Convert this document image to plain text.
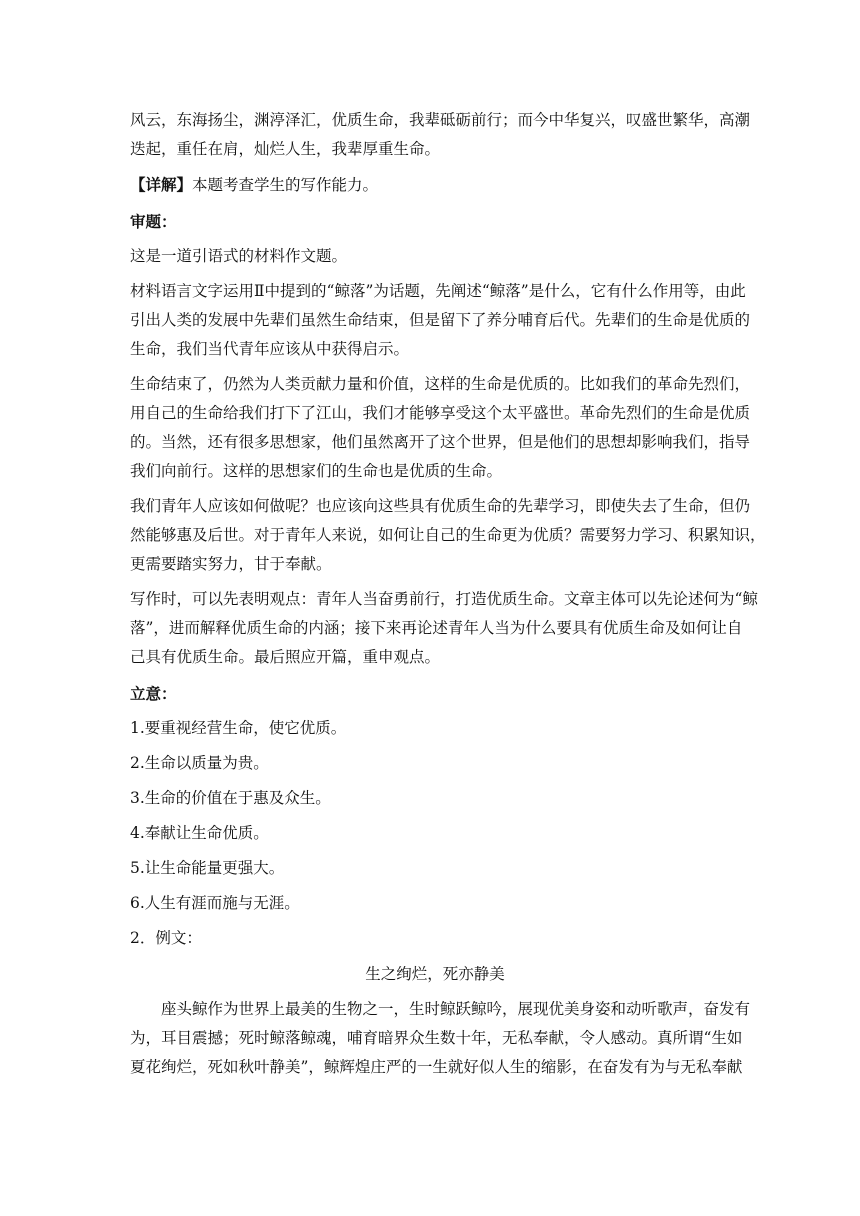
风云，东海扬尘，渊渟泽汇，优质生命，我辈砥砺前行；而今中华复兴，叹盛世繁华，高潮
迭起，重任在肩，灿烂人生，我辈厚重生命。
【详解】本题考查学生的写作能力。
审题：
这是一道引语式的材料作文题。
材料语言文字运用Ⅱ中提到的“鲸落”为话题，先阐述“鲸落”是什么，它有什么作用等，由此
引出人类的发展中先辈们虽然生命结束，但是留下了养分哺育后代。先辈们的生命是优质的
生命，我们当代青年应该从中获得启示。
生命结束了，仍然为人类贡献力量和价值，这样的生命是优质的。比如我们的革命先烈们，
用自己的生命给我们打下了江山，我们才能够享受这个太平盛世。革命先烈们的生命是优质
的。当然，还有很多思想家，他们虽然离开了这个世界，但是他们的思想却影响我们，指导
我们向前行。这样的思想家们的生命也是优质的生命。
我们青年人应该如何做呢？也应该向这些具有优质生命的先辈学习，即使失去了生命，但仍
然能够惠及后世。对于青年人来说，如何让自己的生命更为优质？需要努力学习、积累知识，
更需要踏实努力，甘于奉献。
写作时，可以先表明观点：青年人当奋勇前行，打造优质生命。文章主体可以先论述何为“鲸
落”，进而解释优质生命的内涵；接下来再论述青年人当为什么要具有优质生命及如何让自
己具有优质生命。最后照应开篇，重申观点。
立意：
1.要重视经营生命，使它优质。
2.生命以质量为贵。
3.生命的价值在于惠及众生。
4.奉献让生命优质。
5.让生命能量更强大。
6.人生有涯而施与无涯。
2．例文：
生之绚烂，死亦静美
座头鲸作为世界上最美的生物之一，生时鲸跃鲸吟，展现优美身姿和动听歌声，奋发有
为，耳目震撼；死时鲸落鲸魂，哺育暗界众生数十年，无私奉献，令人感动。真所谓“生如
夏花绚烂，死如秋叶静美”，鲸辉煌庄严的一生就好似人生的缩影，在奋发有为与无私奉献
